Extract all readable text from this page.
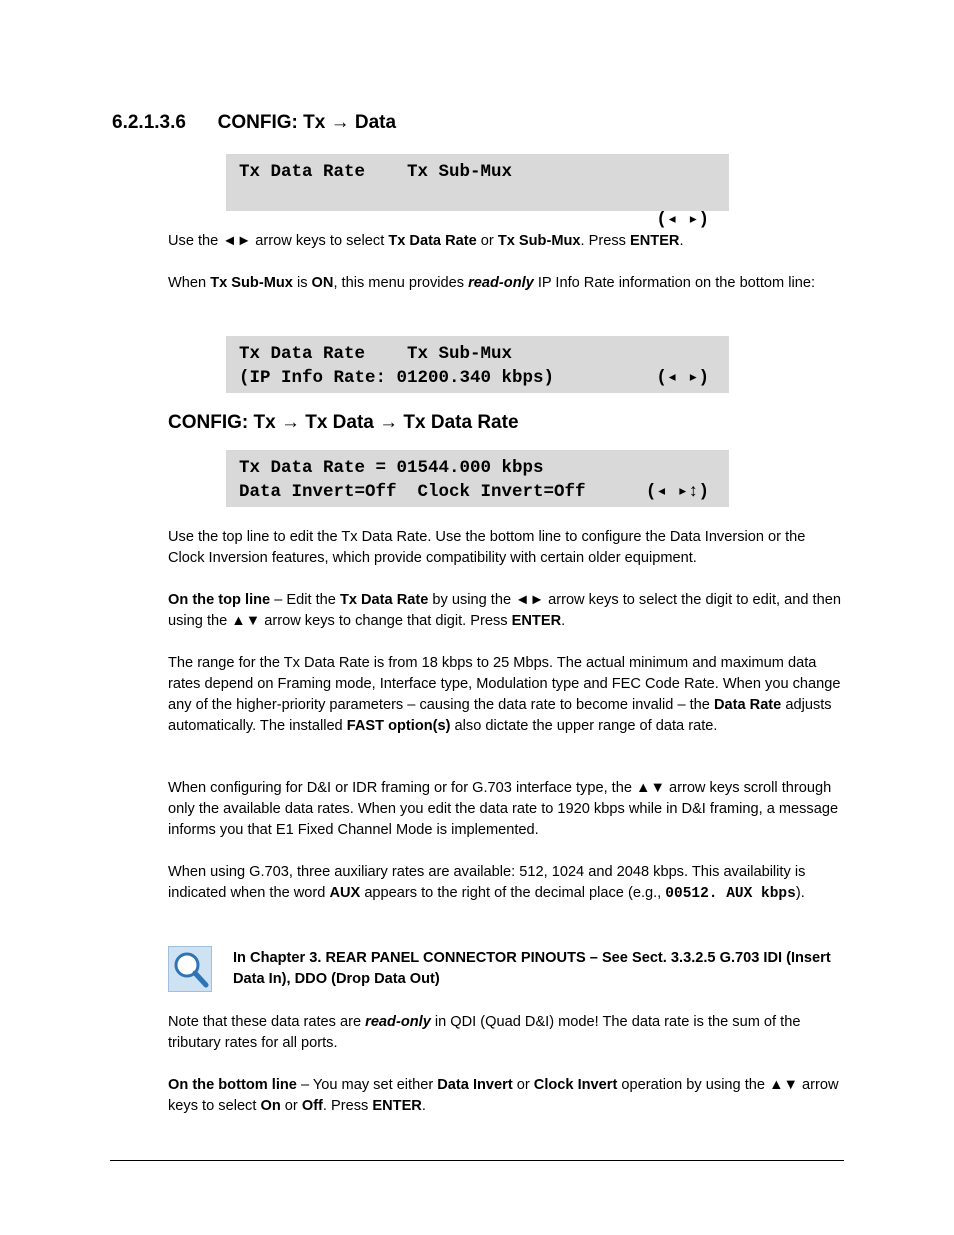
6.2.1.3.6      CONFIG: Tx → Data
Tx Data Rate    Tx Sub-Mux

(◂ ▸)

Use the ◄► arrow keys to select Tx Data Rate or Tx Sub-Mux. Press ENTER.

When Tx Sub-Mux is ON, this menu provides read-only IP Info Rate information on the bottom line:

Tx Data Rate    Tx Sub-Mux
(IP Info Rate: 01200.340 kbps)	(◂ ▸)
CONFIG: Tx → Tx Data → Tx Data Rate
Tx Data Rate = 01544.000 kbps
Data Invert=Off  Clock Invert=Off	(◂ ▸↕)

Use the top line to edit the Tx Data Rate. Use the bottom line to configure the Data Inversion or the Clock Inversion features, which provide compatibility with certain older equipment.

On the top line – Edit the Tx Data Rate by using the ◄► arrow keys to select the digit to edit, and then using the ▲▼ arrow keys to change that digit. Press ENTER.

The range for the Tx Data Rate is from 18 kbps to 25 Mbps. The actual minimum and maximum data rates depend on Framing mode, Interface type, Modulation type and FEC Code Rate. When you change any of the higher-priority parameters – causing the data rate to become invalid – the Data Rate adjusts automatically. The installed FAST option(s) also dictate the upper range of data rate.

When configuring for D&I or IDR framing or for G.703 interface type, the ▲▼ arrow keys scroll through only the available data rates. When you edit the data rate to 1920 kbps while in D&I framing, a message informs you that E1 Fixed Channel Mode is implemented.

When using G.703, three auxiliary rates are available: 512, 1024 and 2048 kbps. This availability is indicated when the word AUX appears to the right of the decimal place (e.g., 00512. AUX kbps).

In Chapter 3. REAR PANEL CONNECTOR PINOUTS – See Sect. 3.3.2.5 G.703 IDI (Insert Data In), DDO (Drop Data Out)

Note that these data rates are read-only in QDI (Quad D&I) mode! The data rate is the sum of the tributary rates for all ports.

On the bottom line – You may set either Data Invert or Clock Invert operation by using the ▲▼ arrow keys to select On or Off. Press ENTER.
